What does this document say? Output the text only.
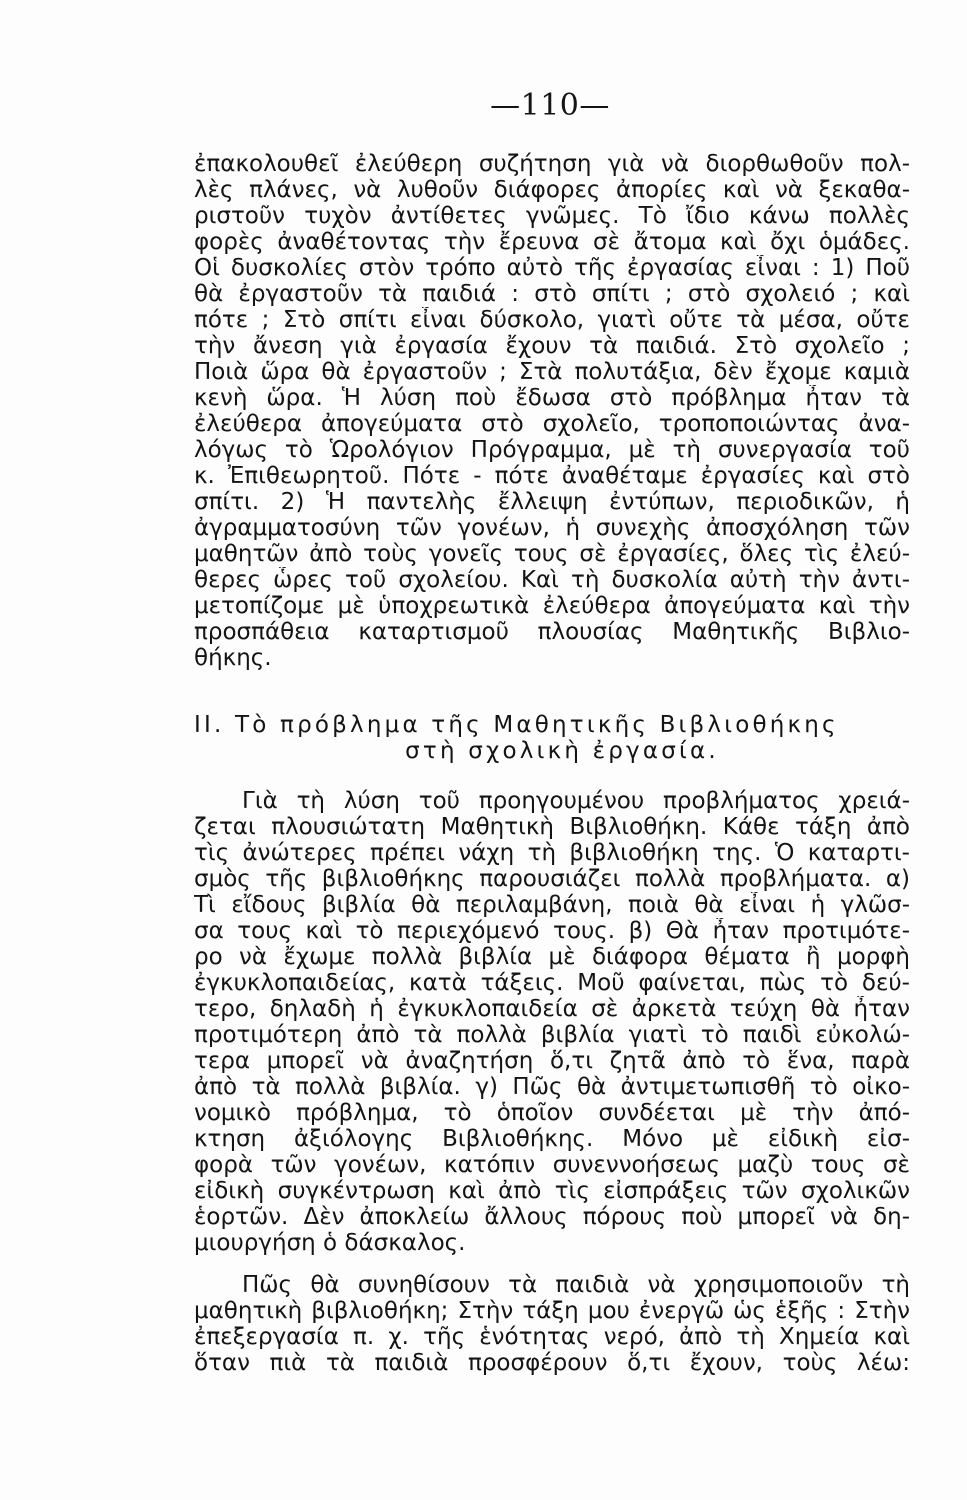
—110—
ἐπακολουθεῖ ἐλεύθερη συζήτηση γιὰ νὰ διορθωθοῦν πολ-
λὲς πλάνες, νὰ λυθοῦν διάφορες ἀπορίες καὶ νὰ ξεκαθα-
ριστοῦν τυχὸν ἀντίθετες γνῶμες. Τὸ ἴδιο κάνω πολλὲς
φορὲς ἀναθέτοντας τὴν ἔρευνα σὲ ἄτομα καὶ ὄχι ὁμάδες.
Οἱ δυσκολίες στὸν τρόπο αὐτὸ τῆς ἐργασίας εἶναι : 1) Ποῦ
θὰ ἐργαστοῦν τὰ παιδιά : στὸ σπίτι ; στὸ σχολειό ; καὶ
πότε ; Στὸ σπίτι εἶναι δύσκολο, γιατὶ οὔτε τὰ μέσα, οὔτε
τὴν ἄνεση γιὰ ἐργασία ἔχουν τὰ παιδιά. Στὸ σχολεῖο ;
Ποιὰ ὥρα θὰ ἐργαστοῦν ; Στὰ πολυτάξια, δὲν ἔχομε καμιὰ
κενὴ ὥρα. Ἡ λύση ποὺ ἔδωσα στὸ πρόβλημα ἦταν τὰ
ἐλεύθερα ἀπογεύματα στὸ σχολεῖο, τροποποιώντας ἀνα-
λόγως τὸ Ὡρολόγιον Πρόγραμμα, μὲ τὴ συνεργασία τοῦ
κ. Ἐπιθεωρητοῦ. Πότε - πότε ἀναθέταμε ἐργασίες καὶ στὸ
σπίτι. 2) Ἡ παντελὴς ἔλλειψη ἐντύπων, περιοδικῶν, ἡ
ἀγραμματοσύνη τῶν γονέων, ἡ συνεχὴς ἀποσχόληση τῶν
μαθητῶν ἀπὸ τοὺς γονεῖς τους σὲ ἐργασίες, ὅλες τὶς ἐλεύ-
θερες ὧρες τοῦ σχολείου. Καὶ τὴ δυσκολία αὐτὴ τὴν ἀντι-
μετοπίζομε μὲ ὑποχρεωτικὰ ἐλεύθερα ἀπογεύματα καὶ τὴν
προσπάθεια καταρτισμοῦ πλουσίας Μαθητικῆς Βιβλιο-
θήκης.
ΙΙ. Τὸ πρόβλημα τῆς Μαθητικῆς Βιβλιοθήκης
στὴ σχολικὴ ἐργασία.
Γιὰ τὴ λύση τοῦ προηγουμένου προβλήματος χρειά-
ζεται πλουσιώτατη Μαθητικὴ Βιβλιοθήκη. Κάθε τάξη ἀπὸ
τὶς ἀνώτερες πρέπει νάχη τὴ βιβλιοθήκη της. Ὁ καταρτι-
σμὸς τῆς βιβλιοθήκης παρουσιάζει πολλὰ προβλήματα. α)
Τὶ εἴδους βιβλία θὰ περιλαμβάνη, ποιὰ θὰ εἶναι ἡ γλῶσ-
σα τους καὶ τὸ περιεχόμενό τους. β) Θὰ ἦταν προτιμότε-
ρο νὰ ἔχωμε πολλὰ βιβλία μὲ διάφορα θέματα ἢ μορφὴ
ἐγκυκλοπαιδείας, κατὰ τάξεις. Μοῦ φαίνεται, πὼς τὸ δεύ-
τερο, δηλαδὴ ἡ ἐγκυκλοπαιδεία σὲ ἀρκετὰ τεύχη θὰ ἦταν
προτιμότερη ἀπὸ τὰ πολλὰ βιβλία γιατὶ τὸ παιδὶ εὐκολώ-
τερα μπορεῖ νὰ ἀναζητήση ὅ,τι ζητᾶ ἀπὸ τὸ ἕνα, παρὰ
ἀπὸ τὰ πολλὰ βιβλία. γ) Πῶς θὰ ἀντιμετωπισθῆ τὸ οἰκο-
νομικὸ πρόβλημα, τὸ ὁποῖον συνδέεται μὲ τὴν ἀπό-
κτηση ἀξιόλογης Βιβλιοθήκης. Μόνο μὲ εἰδικὴ εἰσ-
φορὰ τῶν γονέων, κατόπιν συνεννοήσεως μαζὺ τους σὲ
εἰδικὴ συγκέντρωση καὶ ἀπὸ τὶς εἰσπράξεις τῶν σχολικῶν
ἑορτῶν. Δὲν ἀποκλείω ἄλλους πόρους ποὺ μπορεῖ νὰ δη-
μιουργήση ὁ δάσκαλος.
Πῶς θὰ συνηθίσουν τὰ παιδιὰ νὰ χρησιμοποιοῦν τὴ
μαθητικὴ βιβλιοθήκη; Στὴν τάξη μου ἐνεργῶ ὡς ἑξῆς : Στὴν
ἐπεξεργασία π. χ. τῆς ἑνότητας νερό, ἀπὸ τὴ Χημεία καὶ
ὅταν πιὰ τὰ παιδιὰ προσφέρουν ὅ,τι ἔχουν, τοὺς λέω:
